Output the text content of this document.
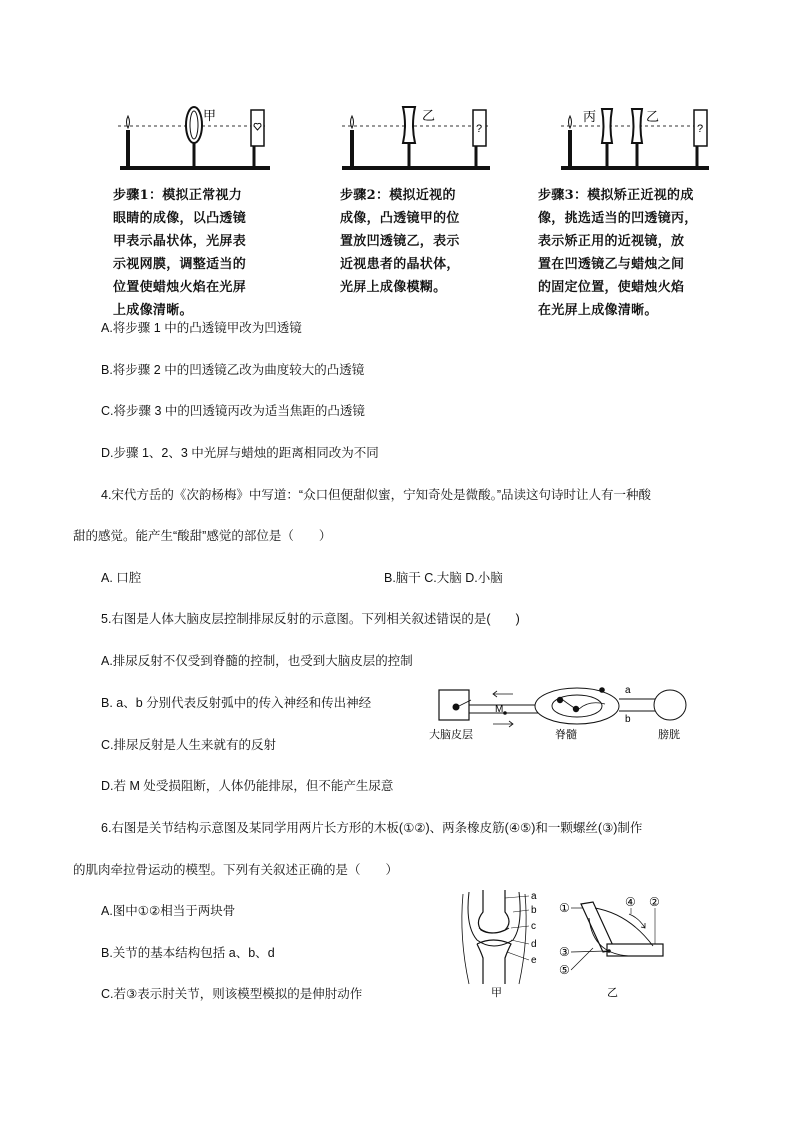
甲	乙
?
丙	乙
?
步骤1：模拟正常视力
眼睛的成像，以凸透镜
甲表示晶状体，光屏表
示视网膜，调整适当的
位置使蜡烛火焰在光屏
上成像清晰。
步骤2：模拟近视的
成像，凸透镜甲的位
置放凹透镜乙，表示
近视患者的晶状体，
光屏上成像模糊。
步骤3：模拟矫正近视的成
像，挑选适当的凹透镜丙，
表示矫正用的近视镜，放
置在凹透镜乙与蜡烛之间
的固定位置，使蜡烛火焰
在光屏上成像清晰。
A.将步骤 1 中的凸透镜甲改为凹透镜
B.将步骤 2 中的凹透镜乙改为曲度较大的凸透镜
C.将步骤 3 中的凹透镜丙改为适当焦距的凸透镜
D.步骤 1、2、3 中光屏与蜡烛的距离相同改为不同
4.宋代方岳的《次韵杨梅》中写道：“众口但便甜似蜜，宁知奇处是微酸。”品读这句诗时让人有一种酸
甜的感觉。能产生“酸甜”感觉的部位是（　　）
A. 口腔	B.脑干 C.大脑 D.小脑
5.右图是人体大脑皮层控制排尿反射的示意图。下列相关叙述错误的是(　　)
A.排尿反射不仅受到脊髓的控制，也受到大脑皮层的控制
B. a、b 分别代表反射弧中的传入神经和传出神经
C.排尿反射是人生来就有的反射
D.若 M 处受损阻断，人体仍能排尿，但不能产生尿意
M
a
b
大脑皮层	脊髓	膀胱
6.右图是关节结构示意图及某同学用两片长方形的木板(①②)、两条橡皮筋(④⑤)和一颗螺丝(③)制作
的肌肉牵拉骨运动的模型。下列有关叙述正确的是（　　）
A.图中①②相当于两块骨
B.关节的基本结构包括 a、b、d
C.若③表示肘关节，则该模型模拟的是伸肘动作
a
b
c
d
e
甲
①	④ ②
③
⑤
乙
